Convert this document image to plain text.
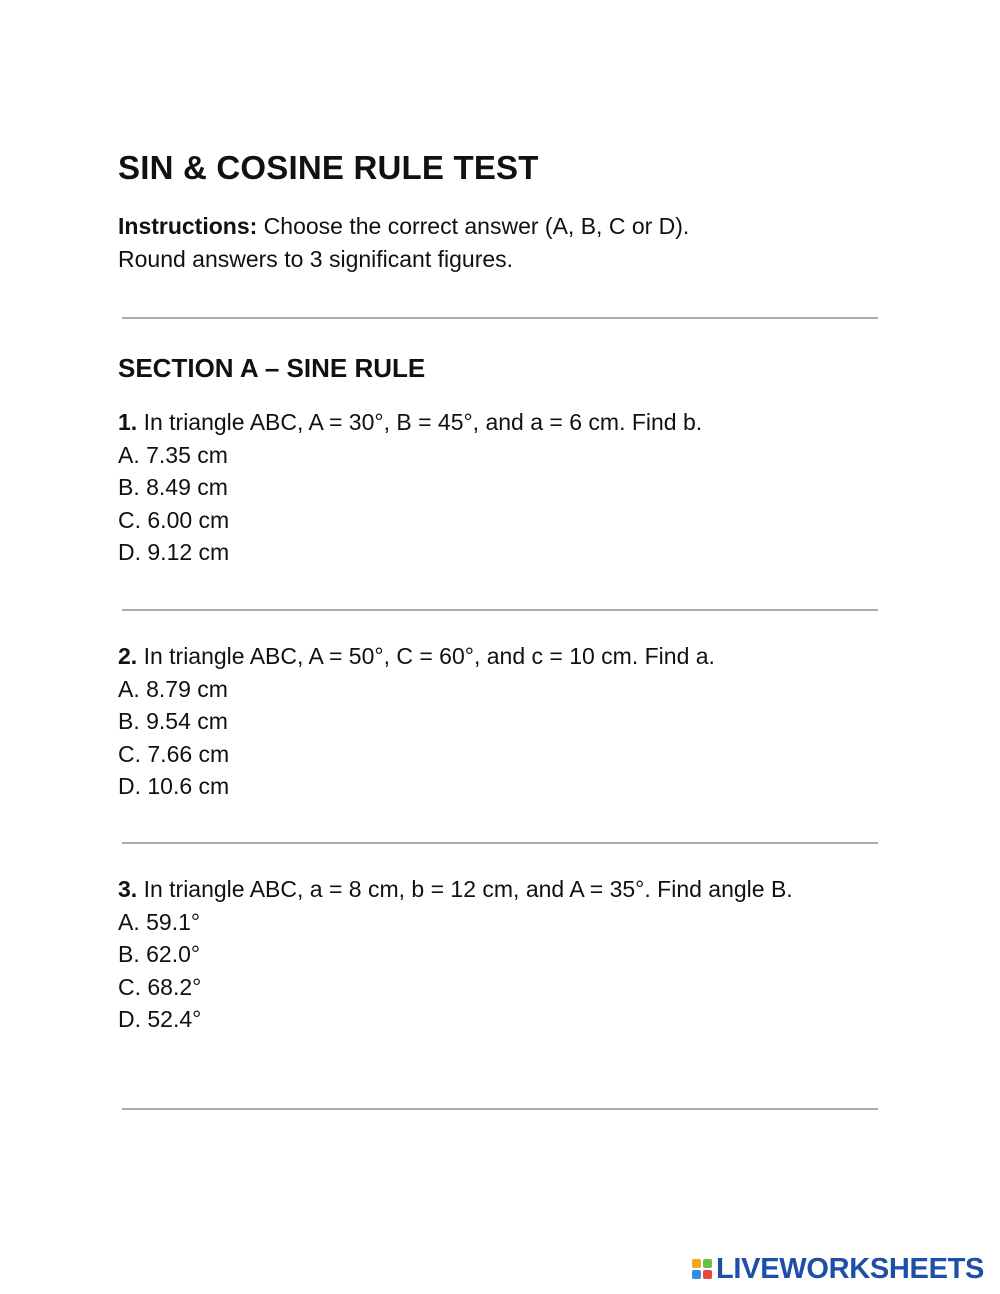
SIN & COSINE RULE TEST
Instructions: Choose the correct answer (A, B, C or D).
Round answers to 3 significant figures.
SECTION A – SINE RULE
1. In triangle ABC, A = 30°, B = 45°, and a = 6 cm. Find b.
A. 7.35 cm
B. 8.49 cm
C. 6.00 cm
D. 9.12 cm
2. In triangle ABC, A = 50°, C = 60°, and c = 10 cm. Find a.
A. 8.79 cm
B. 9.54 cm
C. 7.66 cm
D. 10.6 cm
3. In triangle ABC, a = 8 cm, b = 12 cm, and A = 35°. Find angle B.
A. 59.1°
B. 62.0°
C. 68.2°
D. 52.4°
LIVEWORKSHEETS
